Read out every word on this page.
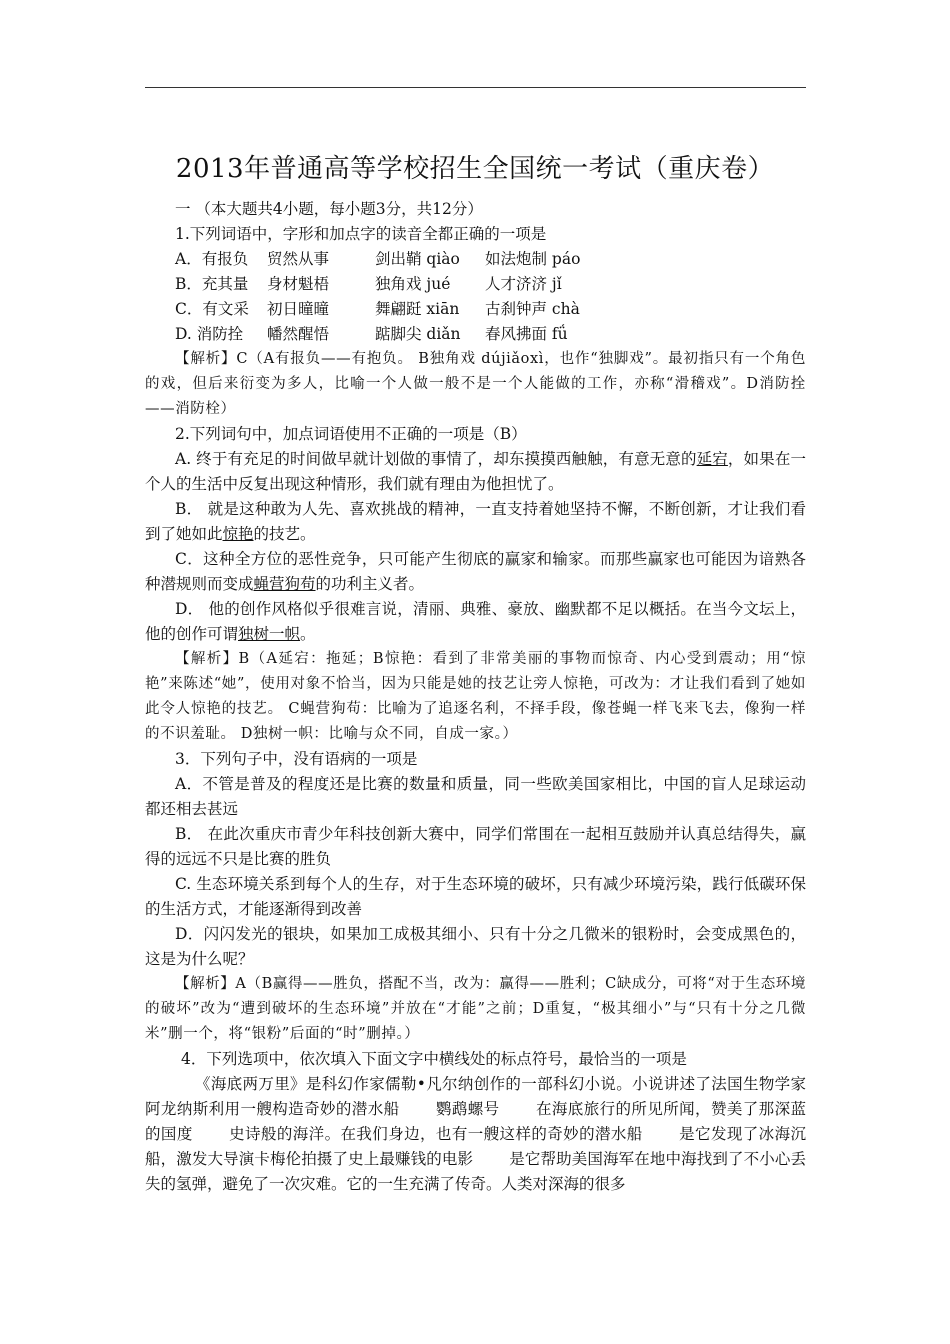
2013年普通高等学校招生全国统一考试（重庆卷）

一 （本大题共4小题，每小题3分，共12分）

1.下列词语中，字形和加点字的读音全都正确的一项是

A．有报负 贸然从事	剑出鞘 qiào 如法炮制 páo

B．充其量 身材魁梧	独角戏 jué 人才济济 jǐ

C．有文采 初日曈曈	舞翩跹 xiān 古刹钟声 chà

D. 消防拴 幡然醒悟	踮脚尖 diǎn 春风拂面 fǘ

【解析】C（A有报负——有抱负。 B独角戏 dújiǎoxì，也作“独脚戏”。最初指只有一个角色的戏，但后来衍变为多人，比喻一个人做一般不是一个人能做的工作，亦称“滑稽戏”。D消防拴——消防栓）

2.下列词句中，加点词语使用不正确的一项是（B）

A. 终于有充足的时间做早就计划做的事情了，却东摸摸西触触，有意无意的延宕，如果在一个人的生活中反复出现这种情形，我们就有理由为他担忧了。

B． 就是这种敢为人先、喜欢挑战的精神，一直支持着她坚持不懈，不断创新，才让我们看到了她如此惊艳的技艺。

C．这种全方位的恶性竞争，只可能产生彻底的赢家和输家。而那些赢家也可能因为谙熟各种潜规则而变成蝇营狗苟的功利主义者。

D． 他的创作风格似乎很难言说，清丽、典雅、豪放、幽默都不足以概括。在当今文坛上，他的创作可谓独树一帜。

【解析】B（A延宕：拖延；B惊艳：看到了非常美丽的事物而惊奇、内心受到震动；用“惊艳”来陈述“她”，使用对象不恰当，因为只能是她的技艺让旁人惊艳，可改为：才让我们看到了她如此令人惊艳的技艺。 C蝇营狗苟：比喻为了追逐名利，不择手段，像苍蝇一样飞来飞去，像狗一样的不识羞耻。 D独树一帜：比喻与众不同，自成一家。）

3．下列句子中，没有语病的一项是

A．不管是普及的程度还是比赛的数量和质量，同一些欧美国家相比，中国的盲人足球运动都还相去甚远

B． 在此次重庆市青少年科技创新大赛中，同学们常围在一起相互鼓励并认真总结得失，赢得的远远不只是比赛的胜负

C. 生态环境关系到每个人的生存，对于生态环境的破坏，只有减少环境污染，践行低碳环保的生活方式，才能逐渐得到改善

D．闪闪发光的银块，如果加工成极其细小、只有十分之几微米的银粉时，会变成黑色的，这是为什么呢？

【解析】A（B赢得——胜负，搭配不当，改为：赢得——胜利；C缺成分，可将“对于生态环境的破坏”改为“遭到破坏的生态环境”并放在“才能”之前；D重复，“极其细小”与“只有十分之几微米”删一个，将“银粉”后面的“时”删掉。）

4．下列选项中，依次填入下面文字中横线处的标点符号，最恰当的一项是

《海底两万里》是科幻作家儒勒•凡尔纳创作的一部科幻小说。小说讲述了法国生物学家阿龙纳斯利用一艘构造奇妙的潜水船 鹦鹉螺号 在海底旅行的所见所闻，赞美了那深蓝的国度 史诗般的海洋。在我们身边，也有一艘这样的奇妙的潜水船 是它发现了冰海沉船，激发大导演卡梅伦拍摄了史上最赚钱的电影 是它帮助美国海军在地中海找到了不小心丢失的氢弹，避免了一次灾难。它的一生充满了传奇。人类对深海的很多
